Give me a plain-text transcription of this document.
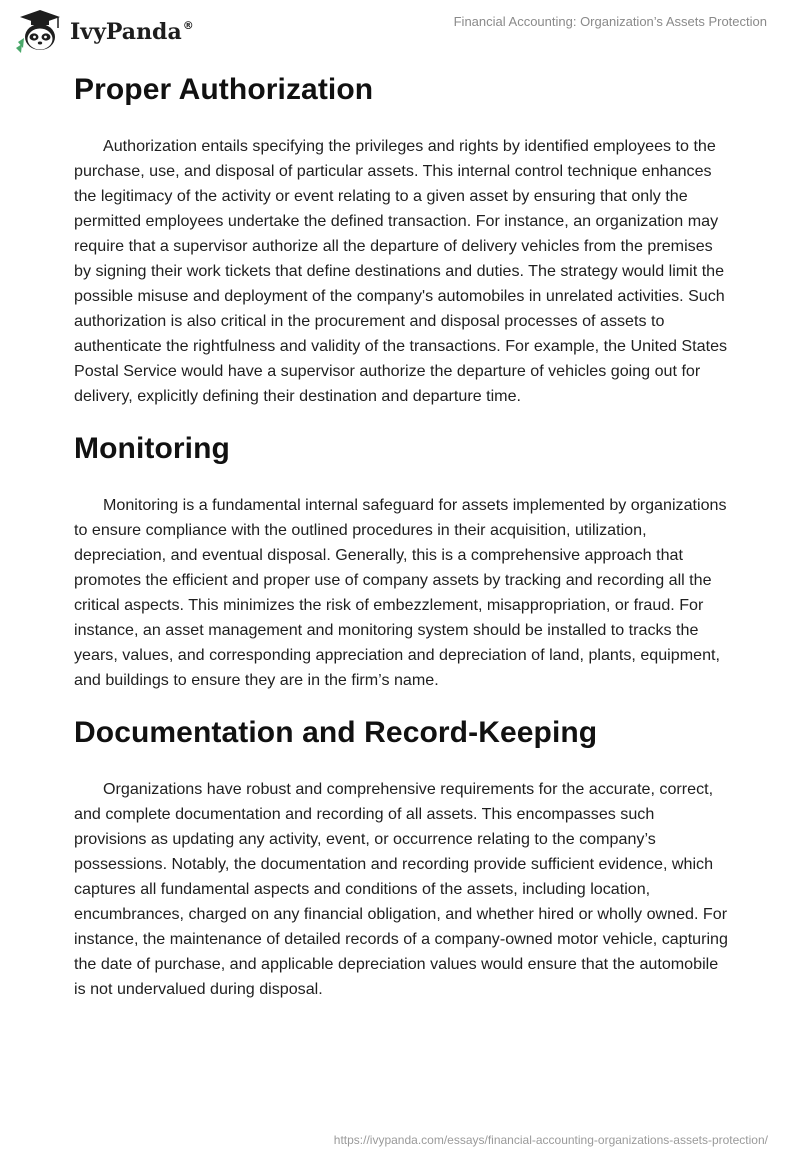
IvyPanda®	Financial Accounting: Organization’s Assets Protection
Proper Authorization

Authorization entails specifying the privileges and rights by identified employees to the purchase, use, and disposal of particular assets. This internal control technique enhances the legitimacy of the activity or event relating to a given asset by ensuring that only the permitted employees undertake the defined transaction. For instance, an organization may require that a supervisor authorize all the departure of delivery vehicles from the premises by signing their work tickets that define destinations and duties. The strategy would limit the possible misuse and deployment of the company's automobiles in unrelated activities. Such authorization is also critical in the procurement and disposal processes of assets to authenticate the rightfulness and validity of the transactions. For example, the United States Postal Service would have a supervisor authorize the departure of vehicles going out for delivery, explicitly defining their destination and departure time.

Monitoring

Monitoring is a fundamental internal safeguard for assets implemented by organizations to ensure compliance with the outlined procedures in their acquisition, utilization, depreciation, and eventual disposal. Generally, this is a comprehensive approach that promotes the efficient and proper use of company assets by tracking and recording all the critical aspects. This minimizes the risk of embezzlement, misappropriation, or fraud. For instance, an asset management and monitoring system should be installed to tracks the years, values, and corresponding appreciation and depreciation of land, plants, equipment, and buildings to ensure they are in the firm’s name.

Documentation and Record-Keeping

Organizations have robust and comprehensive requirements for the accurate, correct, and complete documentation and recording of all assets. This encompasses such provisions as updating any activity, event, or occurrence relating to the company’s possessions. Notably, the documentation and recording provide sufficient evidence, which captures all fundamental aspects and conditions of the assets, including location, encumbrances, charged on any financial obligation, and whether hired or wholly owned. For instance, the maintenance of detailed records of a company-owned motor vehicle, capturing the date of purchase, and applicable depreciation values would ensure that the automobile is not undervalued during disposal.

https://ivypanda.com/essays/financial-accounting-organizations-assets-protection/
